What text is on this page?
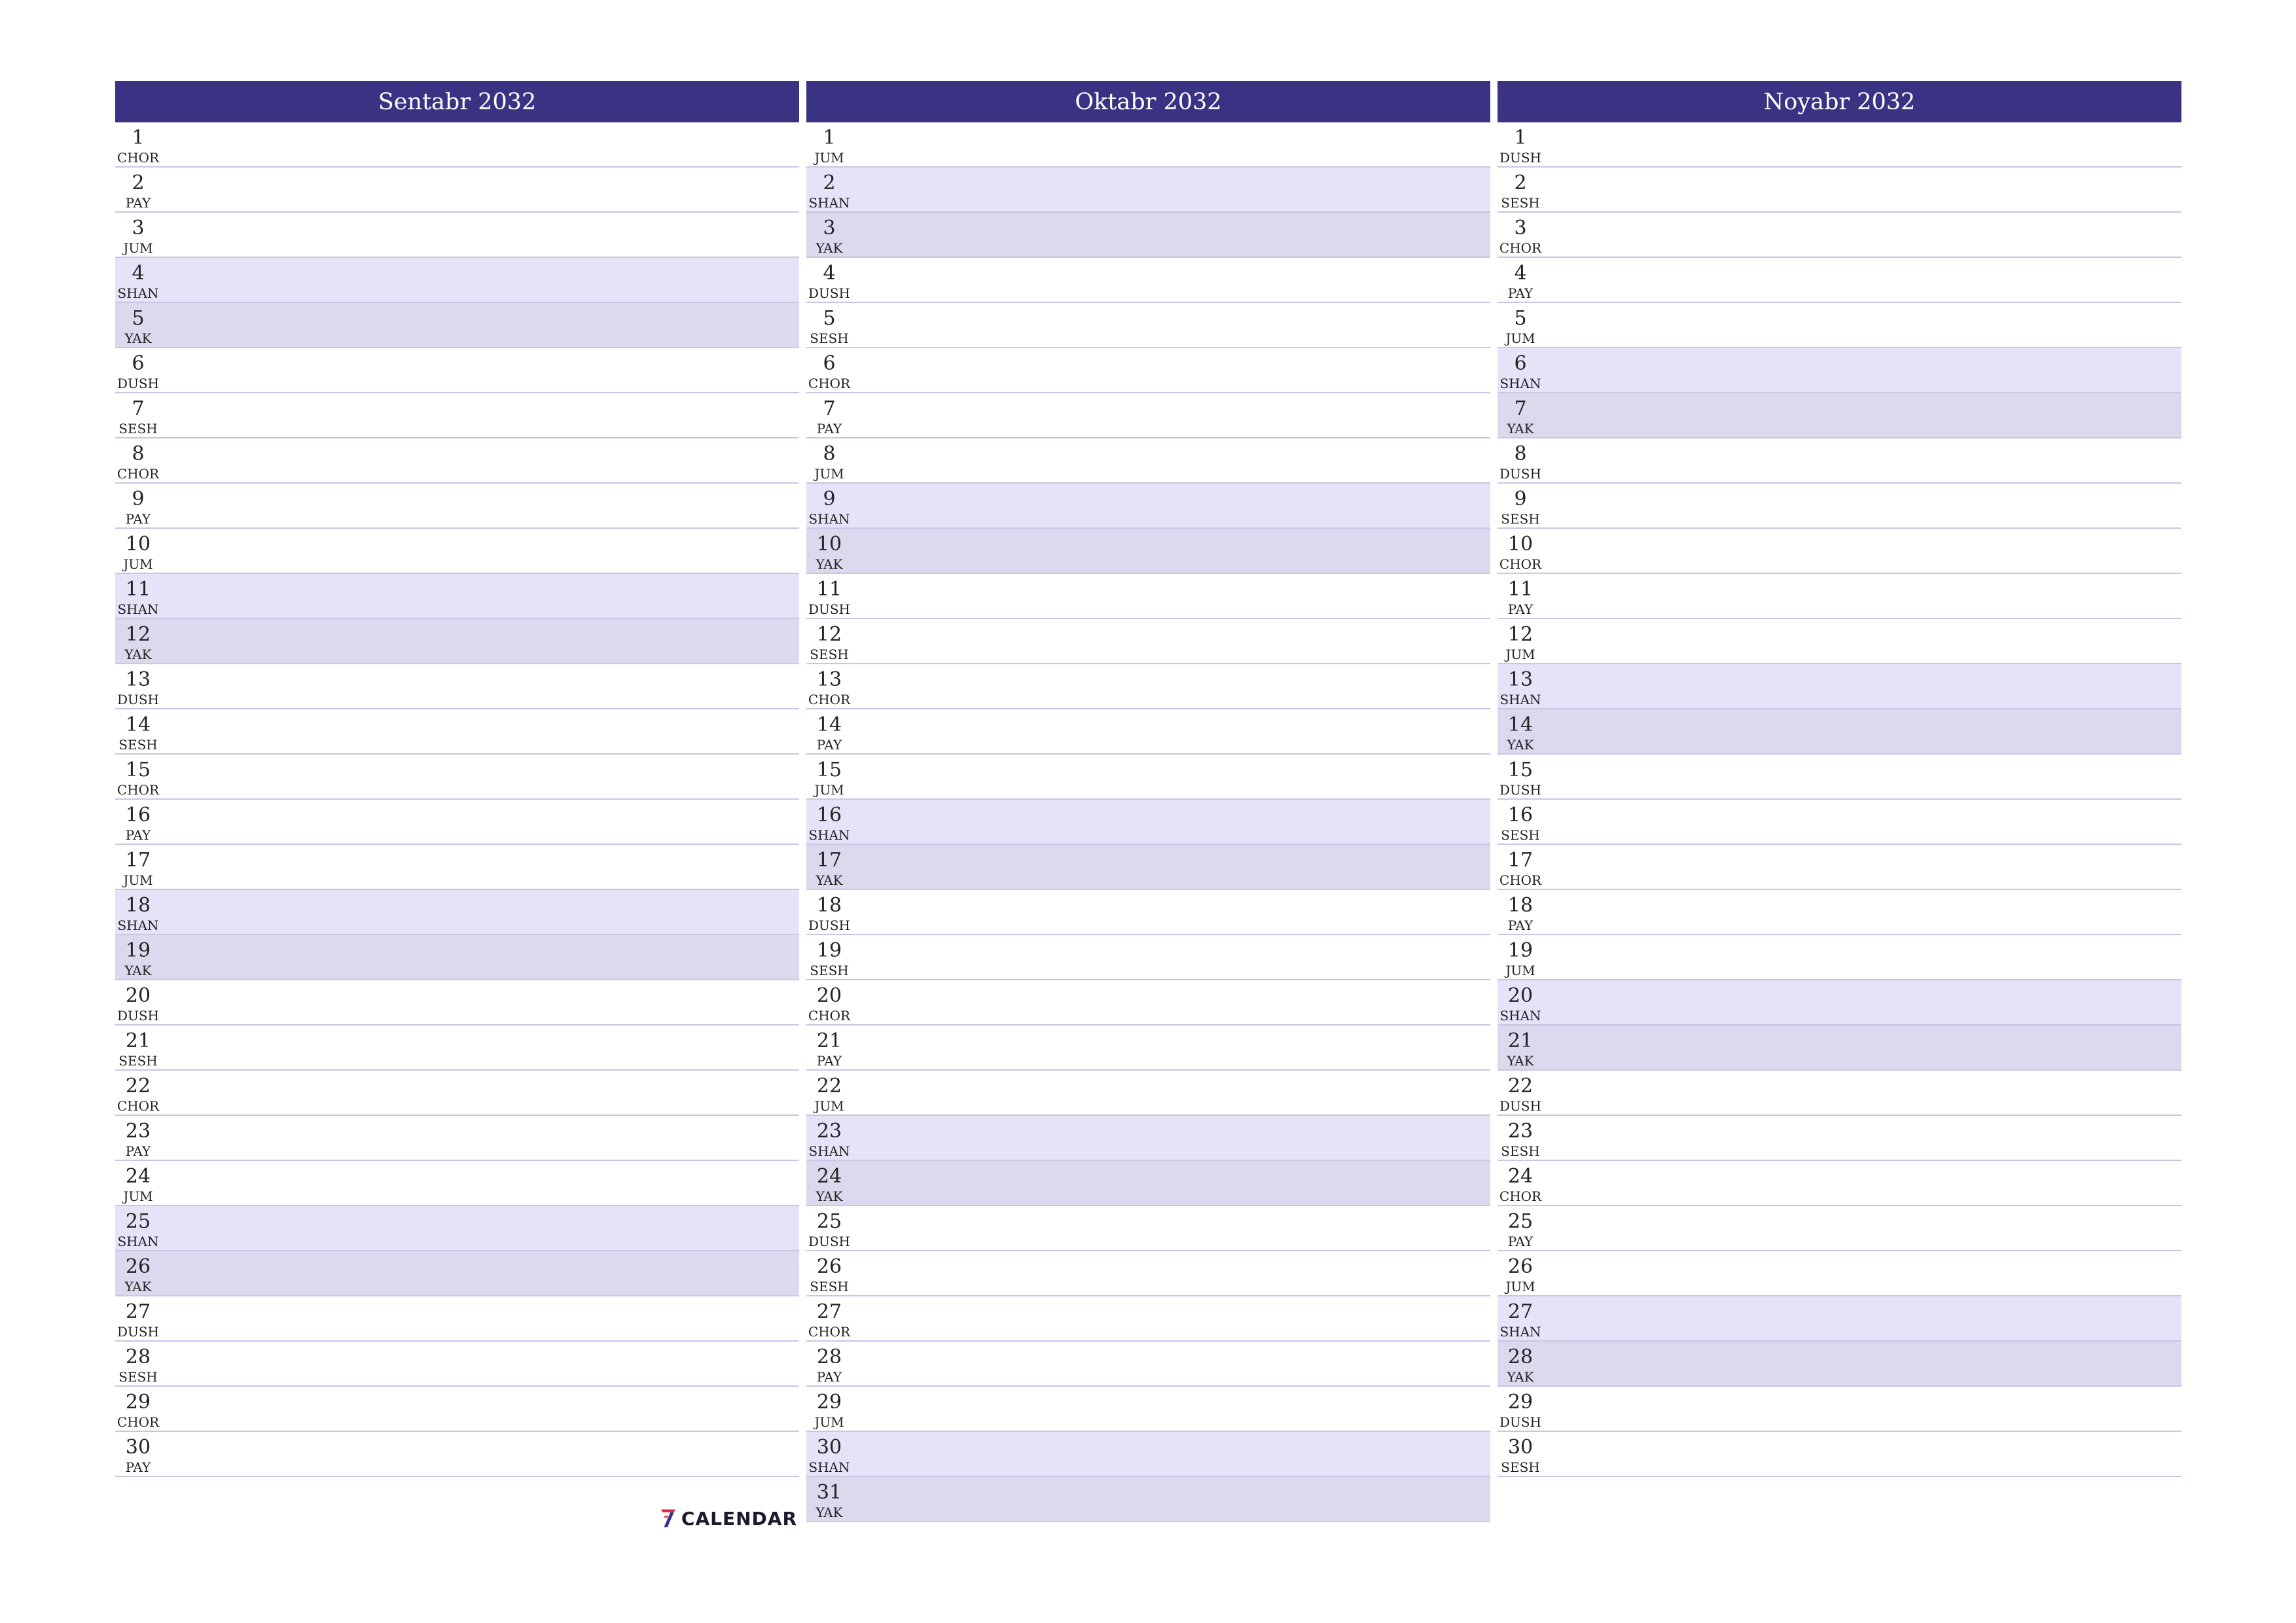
Sentabr 2032
1
CHOR
2
PAY
3
JUM
4
SHAN
5
YAK
6
DUSH
7
SESH
8
CHOR
9
PAY
10
JUM
11
SHAN
12
YAK
13
DUSH
14
SESH
15
CHOR
16
PAY
17
JUM
18
SHAN
19
YAK
20
DUSH
21
SESH
22
CHOR
23
PAY
24
JUM
25
SHAN
26
YAK
27
DUSH
28
SESH
29
CHOR
30
PAY
Oktabr 2032
1
JUM
2
SHAN
3
YAK
4
DUSH
5
SESH
6
CHOR
7
PAY
8
JUM
9
SHAN
10
YAK
11
DUSH
12
SESH
13
CHOR
14
PAY
15
JUM
16
SHAN
17
YAK
18
DUSH
19
SESH
20
CHOR
21
PAY
22
JUM
23
SHAN
24
YAK
25
DUSH
26
SESH
27
CHOR
28
PAY
29
JUM
30
SHAN
31
YAK
Noyabr 2032
1
DUSH
2
SESH
3
CHOR
4
PAY
5
JUM
6
SHAN
7
YAK
8
DUSH
9
SESH
10
CHOR
11
PAY
12
JUM
13
SHAN
14
YAK
15
DUSH
16
SESH
17
CHOR
18
PAY
19
JUM
20
SHAN
21
YAK
22
DUSH
23
SESH
24
CHOR
25
PAY
26
JUM
27
SHAN
28
YAK
29
DUSH
30
SESH
CALENDAR
